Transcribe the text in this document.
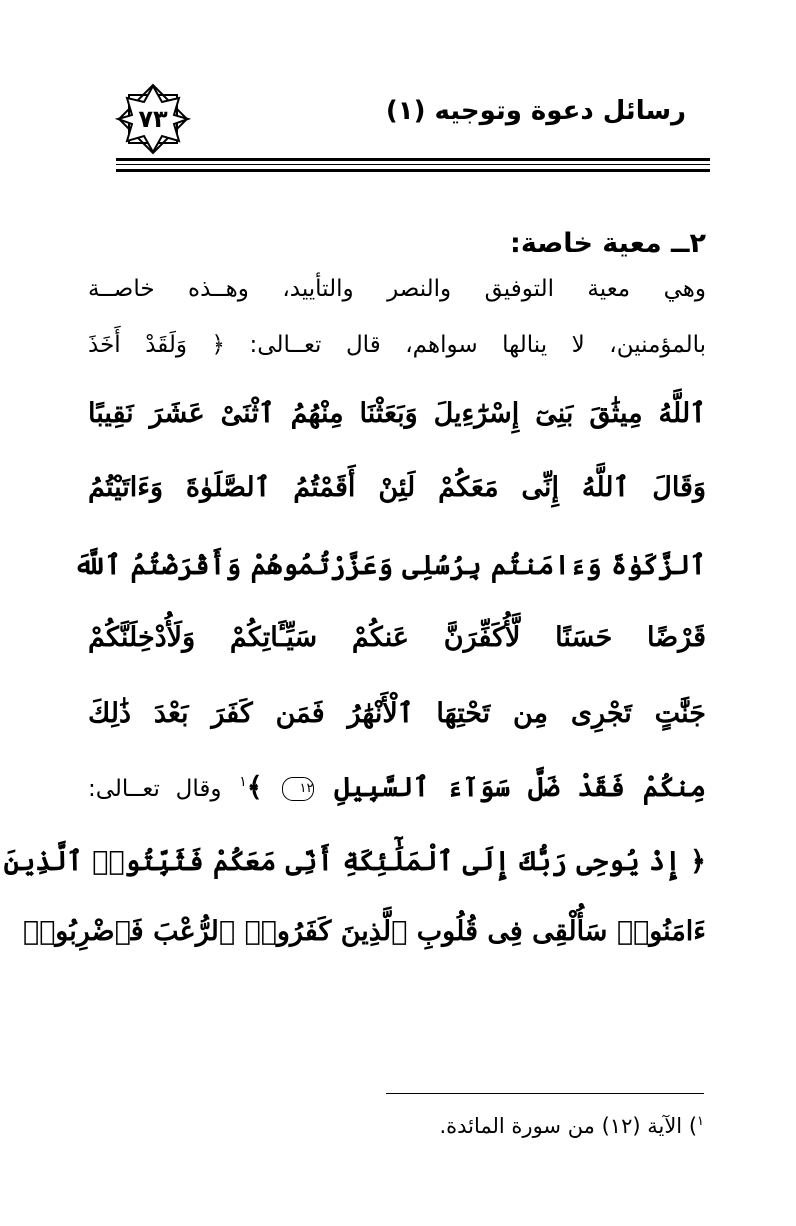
رسائل دعوة وتوجيه (١)
٧٣
٢ــ معية خاصة:
وهي معية التوفيق والنصر والتأييد، وهــذه خاصــة
بالمؤمنين، لا ينالها سواهم، قال تعــالى: ﴿ وَلَقَدْ أَخَذَ
ٱللَّهُ مِيثَٰقَ بَنِىٓ إِسْرَٰٓءِيلَ وَبَعَثْنَا مِنْهُمُ ٱثْنَىْ عَشَرَ نَقِيبًا
وَقَالَ ٱللَّهُ إِنِّى مَعَكُمْ لَئِنْ أَقَمْتُمُ ٱلصَّلَوٰةَ وَءَاتَيْتُمُ
ٱلزَّكَوٰةَ وَءَامَنتُم بِرُسُلِى وَعَزَّرْتُمُوهُمْ وَأَقْرَضْتُمُ ٱللَّهَ
قَرْضًا حَسَنًا لَّأُكَفِّرَنَّ عَنكُمْ سَيِّـَٔاتِكُمْ وَلَأُدْخِلَنَّكُمْ
جَنَّٰتٍ تَجْرِى مِن تَحْتِهَا ٱلْأَنْهَٰرُ فَمَن كَفَرَ بَعْدَ ذَٰلِكَ
مِنكُمْ فَقَدْ ضَلَّ سَوَآءَ ٱلسَّبِيلِ ١٢ ﴾$^١$ وقال تعــالى:
﴿ إِذْ يُوحِى رَبُّكَ إِلَى ٱلْمَلَٰٓئِكَةِ أَنِّى مَعَكُمْ فَثَبِّتُوا۟ ٱلَّذِينَ
ءَامَنُوا۟ سَأُلْقِى فِى قُلُوبِ ٱلَّذِينَ كَفَرُوا۟ ٱلرُّعْبَ فَٱضْرِبُوا۟
$^١$) الآية (١٢) من سورة المائدة.
